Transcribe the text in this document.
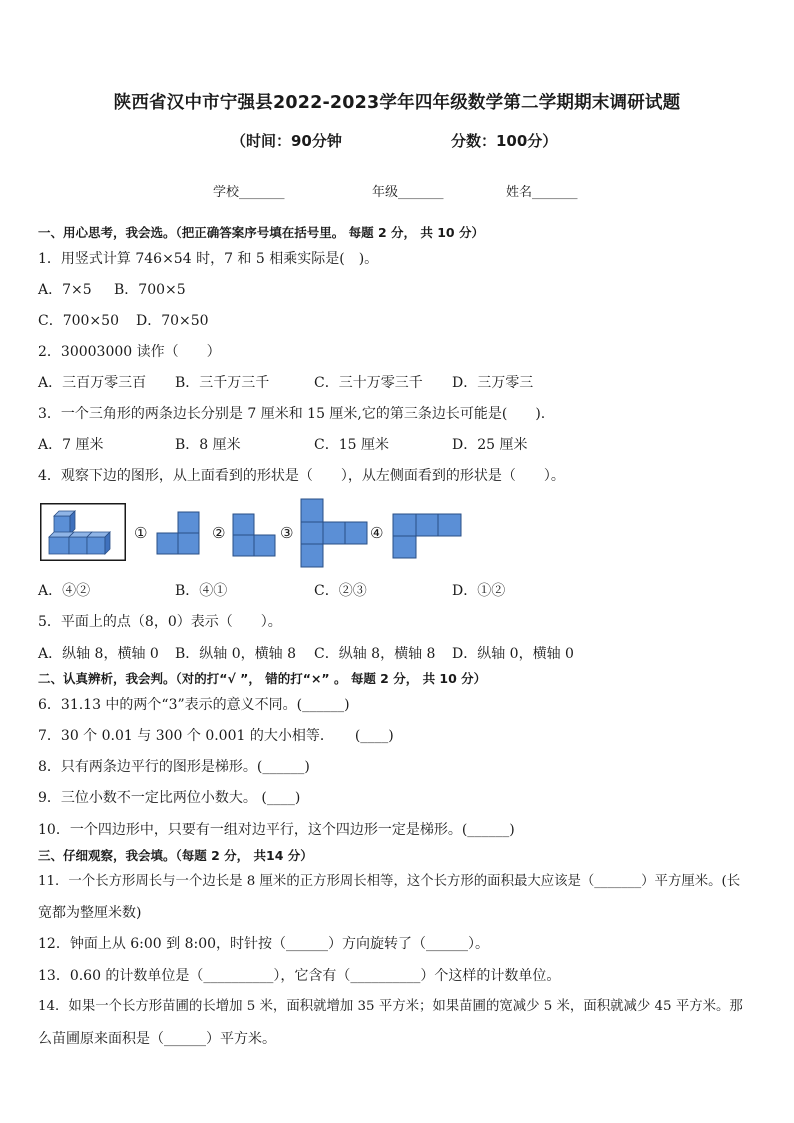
陕西省汉中市宁强县2022-2023学年四年级数学第二学期期末调研试题
（时间：90分钟	分数：100分）
学校_______	年级_______	姓名_______
一、用心思考，我会选。（把正确答案序号填在括号里。 每题 2 分， 共 10 分）
1．用竖式计算 746×54 时，7 和 5 相乘实际是(　)。
A．7×5 B．700×5
C．700×50 D．70×50
2．30003000 读作（　　）
A．三百万零三百 B．三千万三千	C．三十万零三千 D．三万零三
3．一个三角形的两条边长分别是 7 厘米和 15 厘米,它的第三条边长可能是(　　).
A．7 厘米	B．8 厘米	C．15 厘米	D．25 厘米
4．观察下边的图形，从上面看到的形状是（　　），从左侧面看到的形状是（　　）。
①	②	③	④
A．④②	B．④①	C．②③	D．①②
5．平面上的点（8，0）表示（　　）。
A．纵轴 8，横轴 0 B．纵轴 0，横轴 8 C．纵轴 8，横轴 8 D．纵轴 0，横轴 0
二、认真辨析，我会判。（对的打“√ ”， 错的打“×” 。 每题 2 分， 共 10 分）
6．31.13 中的两个“3”表示的意义不同。(______)
7．30 个 0.01 与 300 个 0.001 的大小相等．　　(____)
8．只有两条边平行的图形是梯形。(______)
9．三位小数不一定比两位小数大。 (____)
10．一个四边形中，只要有一组对边平行，这个四边形一定是梯形。(______)
三、仔细观察，我会填。（每题 2 分， 共14 分）
11．一个长方形周长与一个边长是 8 厘米的正方形周长相等，这个长方形的面积最大应该是（_______）平方厘米。(长
宽都为整厘米数)
12．钟面上从 6:00 到 8:00，时针按（______）方向旋转了（______）。
13．0.60 的计数单位是（__________），它含有（__________）个这样的计数单位。
14．如果一个长方形苗圃的长增加 5 米，面积就增加 35 平方米；如果苗圃的宽减少 5 米，面积就减少 45 平方米。那
么苗圃原来面积是（______）平方米。
